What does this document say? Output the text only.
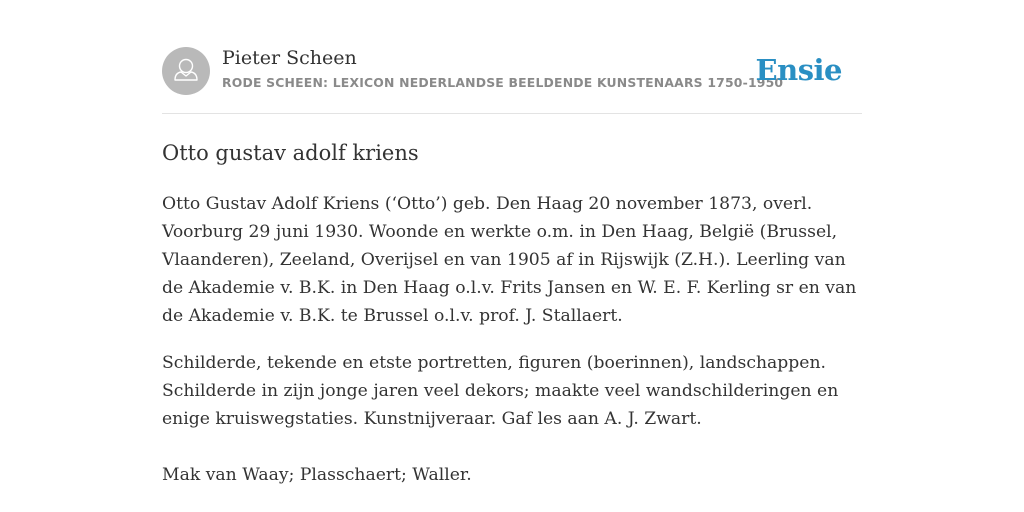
Pieter Scheen
RODE SCHEEN: LEXICON NEDERLANDSE BEELDENDE KUNSTENAARS 1750-1950
Ensie
Otto gustav adolf kriens

Otto Gustav Adolf Kriens (‘Otto’) geb. Den Haag 20 november 1873, overl. Voorburg 29 juni 1930. Woonde en werkte o.m. in Den Haag, België (Brussel, Vlaanderen), Zeeland, Overijsel en van 1905 af in Rijswijk (Z.H.). Leerling van de Akademie v. B.K. in Den Haag o.l.v. Frits Jansen en W. E. F. Kerling sr en van de Akademie v. B.K. te Brussel o.l.v. prof. J. Stallaert.

Schilderde, tekende en etste portretten, figuren (boerinnen), landschappen. Schilderde in zijn jonge jaren veel dekors; maakte veel wandschilderingen en enige kruiswegstaties. Kunstnijveraar. Gaf les aan A. J. Zwart.

Mak van Waay; Plasschaert; Waller.
